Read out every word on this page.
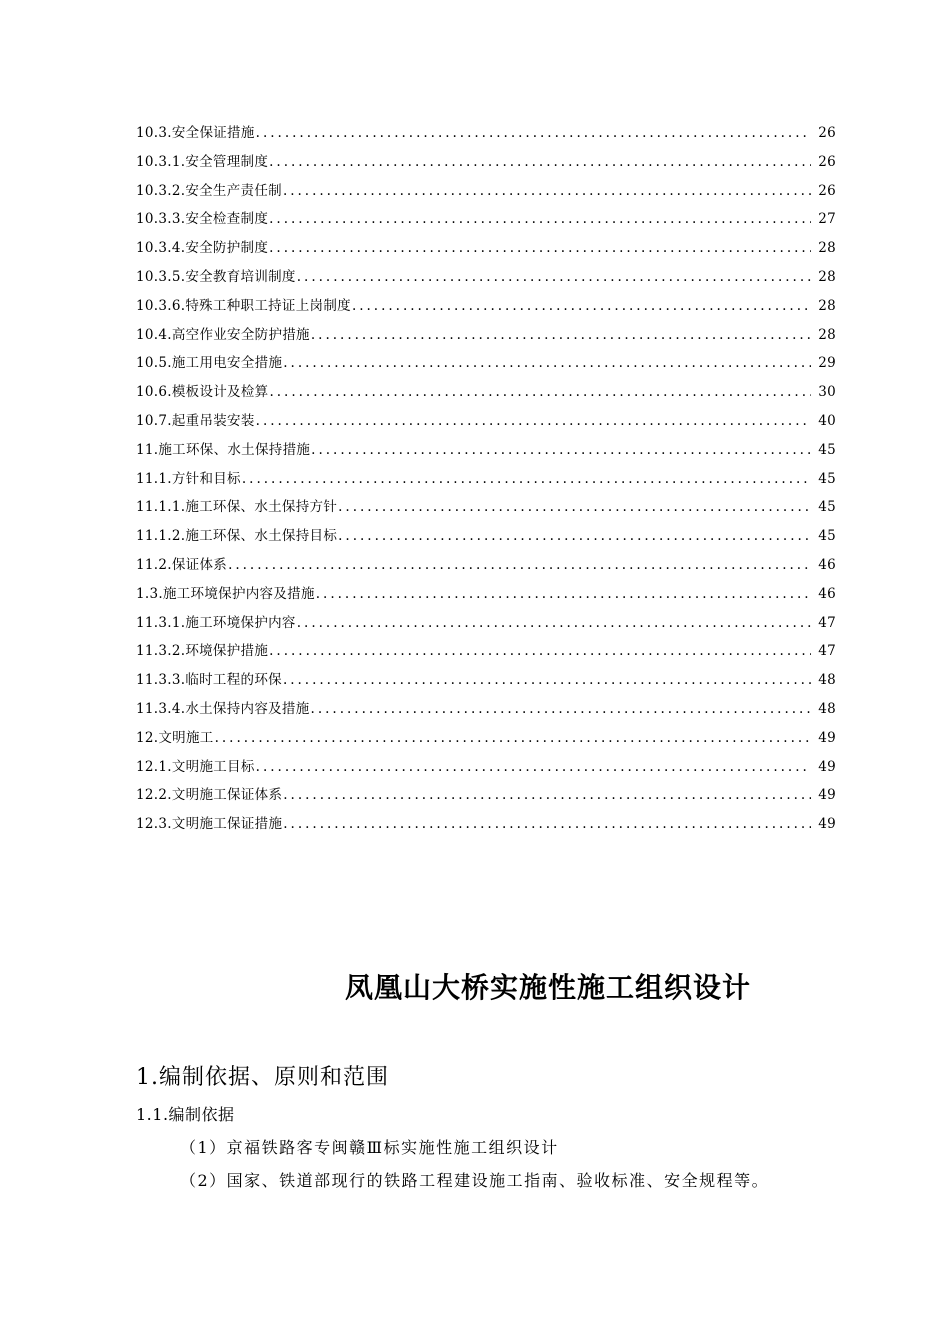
10.3.安全保证措施 .....	26
10.3.1.安全管理制度 .....	26
10.3.2.安全生产责任制 .....	26
10.3.3.安全检查制度 .....	27
10.3.4.安全防护制度 .....	28
10.3.5.安全教育培训制度 .....	28
10.3.6.特殊工种职工持证上岗制度 .....	28
10.4.高空作业安全防护措施 .....	28
10.5.施工用电安全措施 .....	29
10.6.模板设计及检算 .....	30
10.7.起重吊装安装 .....	40
11.施工环保、水土保持措施 .....	45
11.1.方针和目标 .....	45
11.1.1.施工环保、水土保持方针 .....	45
11.1.2.施工环保、水土保持目标 .....	45
11.2.保证体系 .....	46
1.3.施工环境保护内容及措施 .....	46
11.3.1.施工环境保护内容 .....	47
11.3.2.环境保护措施 .....	47
11.3.3.临时工程的环保 .....	48
11.3.4.水土保持内容及措施 .....	48
12.文明施工 .....	49
12.1.文明施工目标 .....	49
12.2.文明施工保证体系 .....	49
12.3.文明施工保证措施 .....	49
凤凰山大桥实施性施工组织设计
1.编制依据、原则和范围
1.1.编制依据
（1）京福铁路客专闽赣Ⅲ标实施性施工组织设计
（2）国家、铁道部现行的铁路工程建设施工指南、验收标准、安全规程等。
